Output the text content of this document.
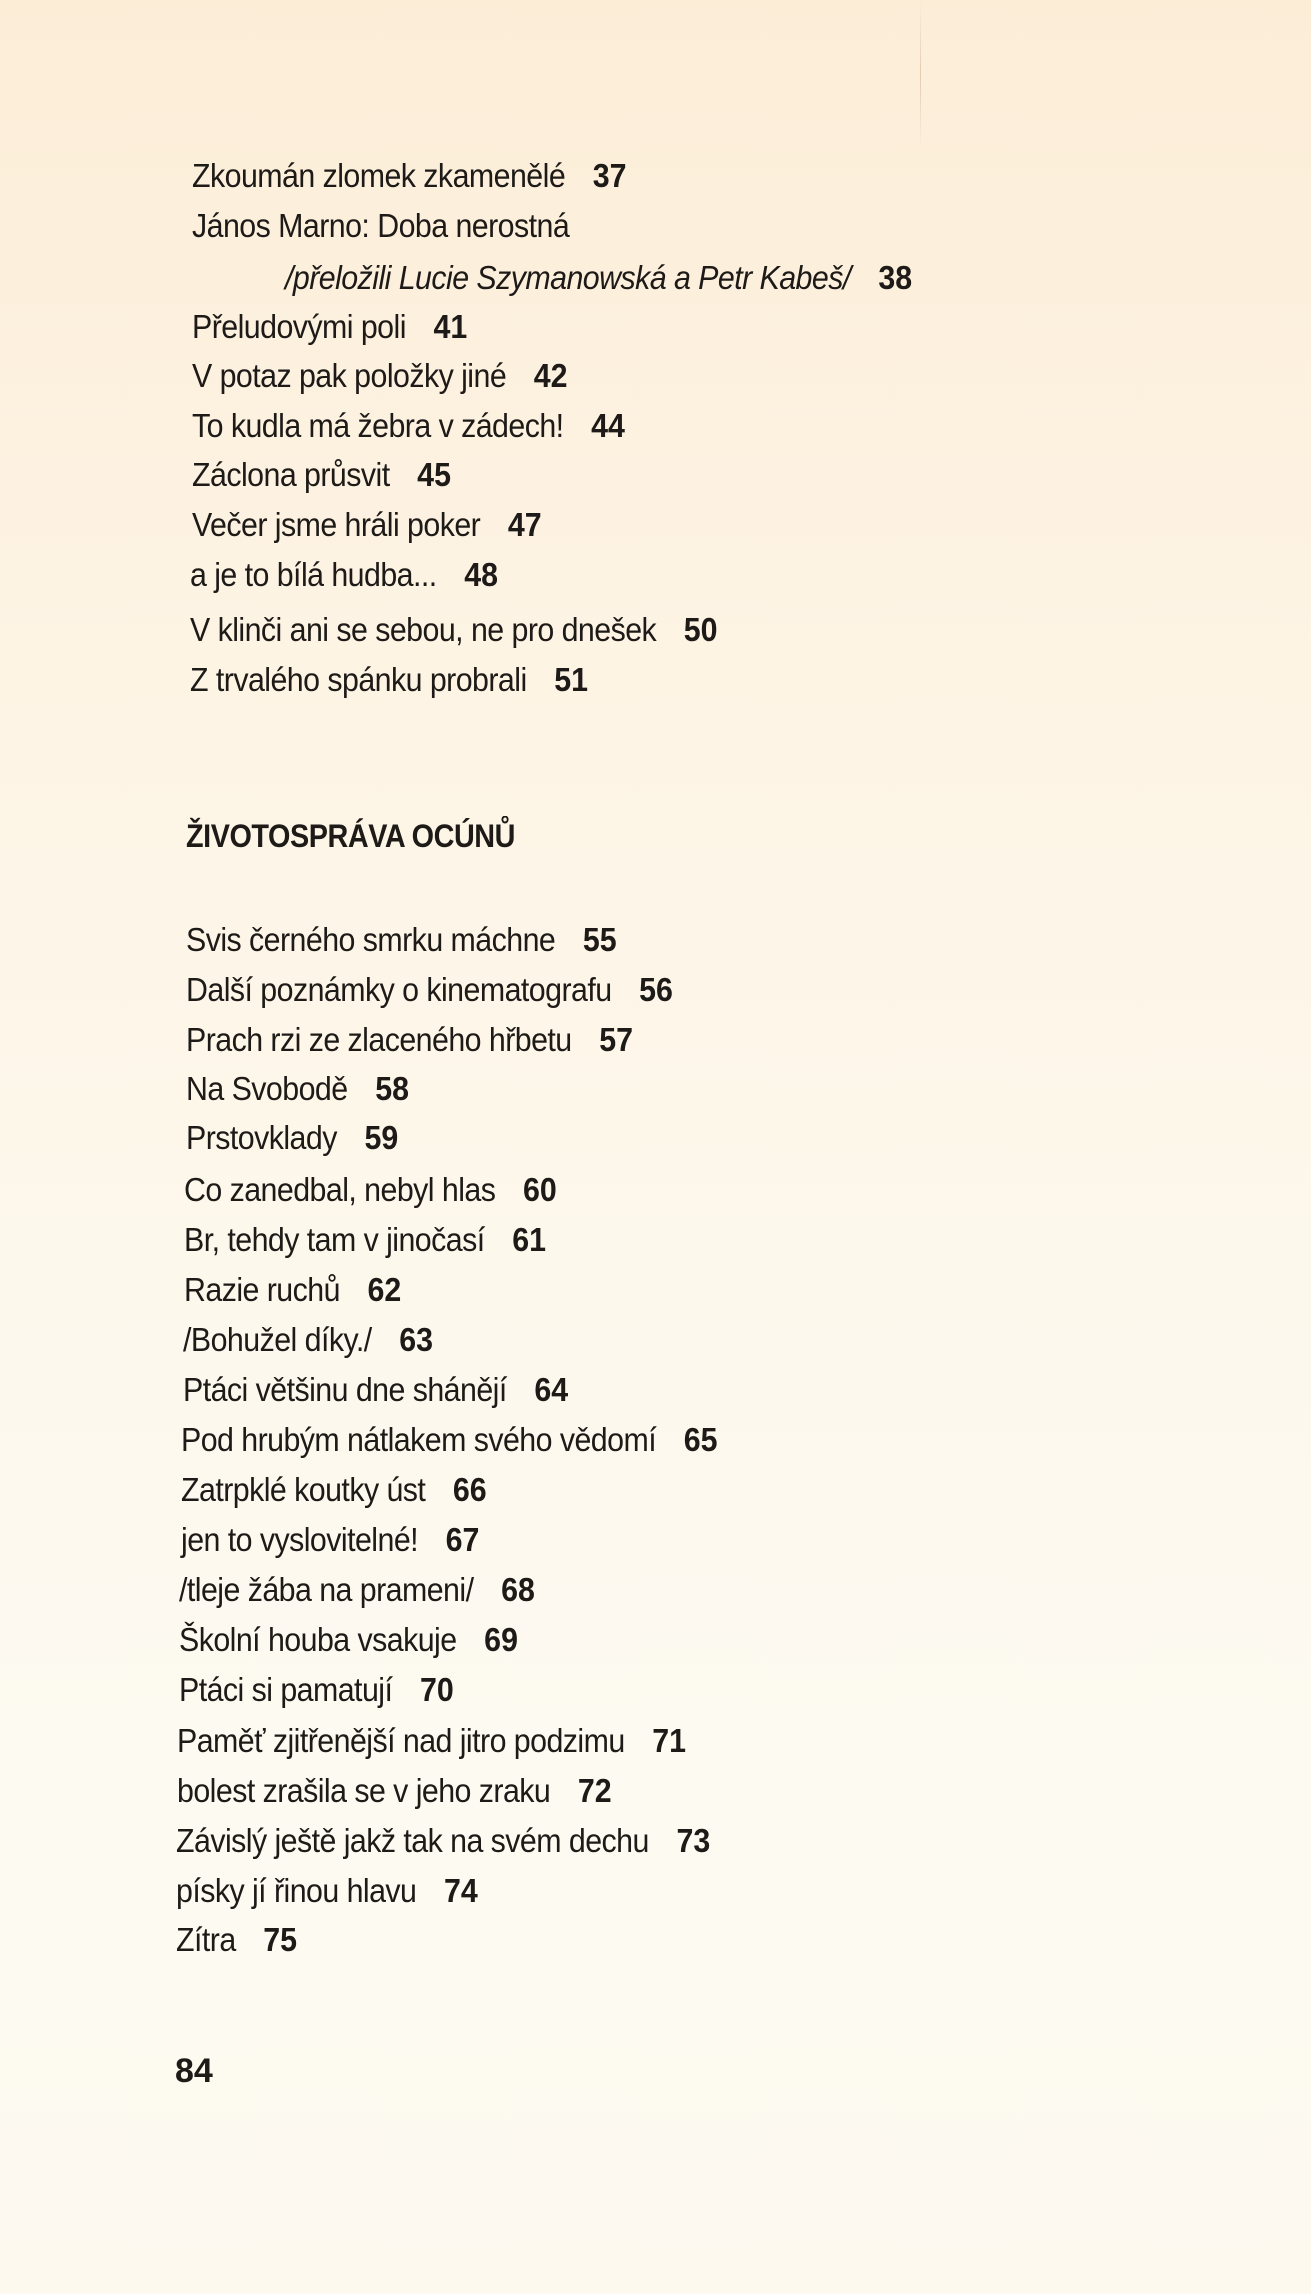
Zkoumán zlomek zkamenělé 37
János Marno: Doba nerostná
/přeložili Lucie Szymanowská a Petr Kabeš/ 38
Přeludovými poli 41
V potaz pak položky jiné 42
To kudla má žebra v zádech! 44
Záclona průsvit 45
Večer jsme hráli poker 47
a je to bílá hudba... 48
V klinči ani se sebou, ne pro dnešek 50
Z trvalého spánku probrali 51
ŽIVOTOSPRÁVA OCÚNŮ
Svis černého smrku máchne 55
Další poznámky o kinematografu 56
Prach rzi ze zlaceného hřbetu 57
Na Svobodě 58
Prstovklady 59
Co zanedbal, nebyl hlas 60
Br, tehdy tam v jinočasí 61
Razie ruchů 62
/Bohužel díky./ 63
Ptáci většinu dne shánějí 64
Pod hrubým nátlakem svého vědomí 65
Zatrpklé koutky úst 66
jen to vyslovitelné! 67
/tleje žába na prameni/ 68
Školní houba vsakuje 69
Ptáci si pamatují 70
Paměť zjitřenější nad jitro podzimu 71
bolest zrašila se v jeho zraku 72
Závislý ještě jakž tak na svém dechu 73
písky jí řinou hlavu 74
Zítra 75
84
